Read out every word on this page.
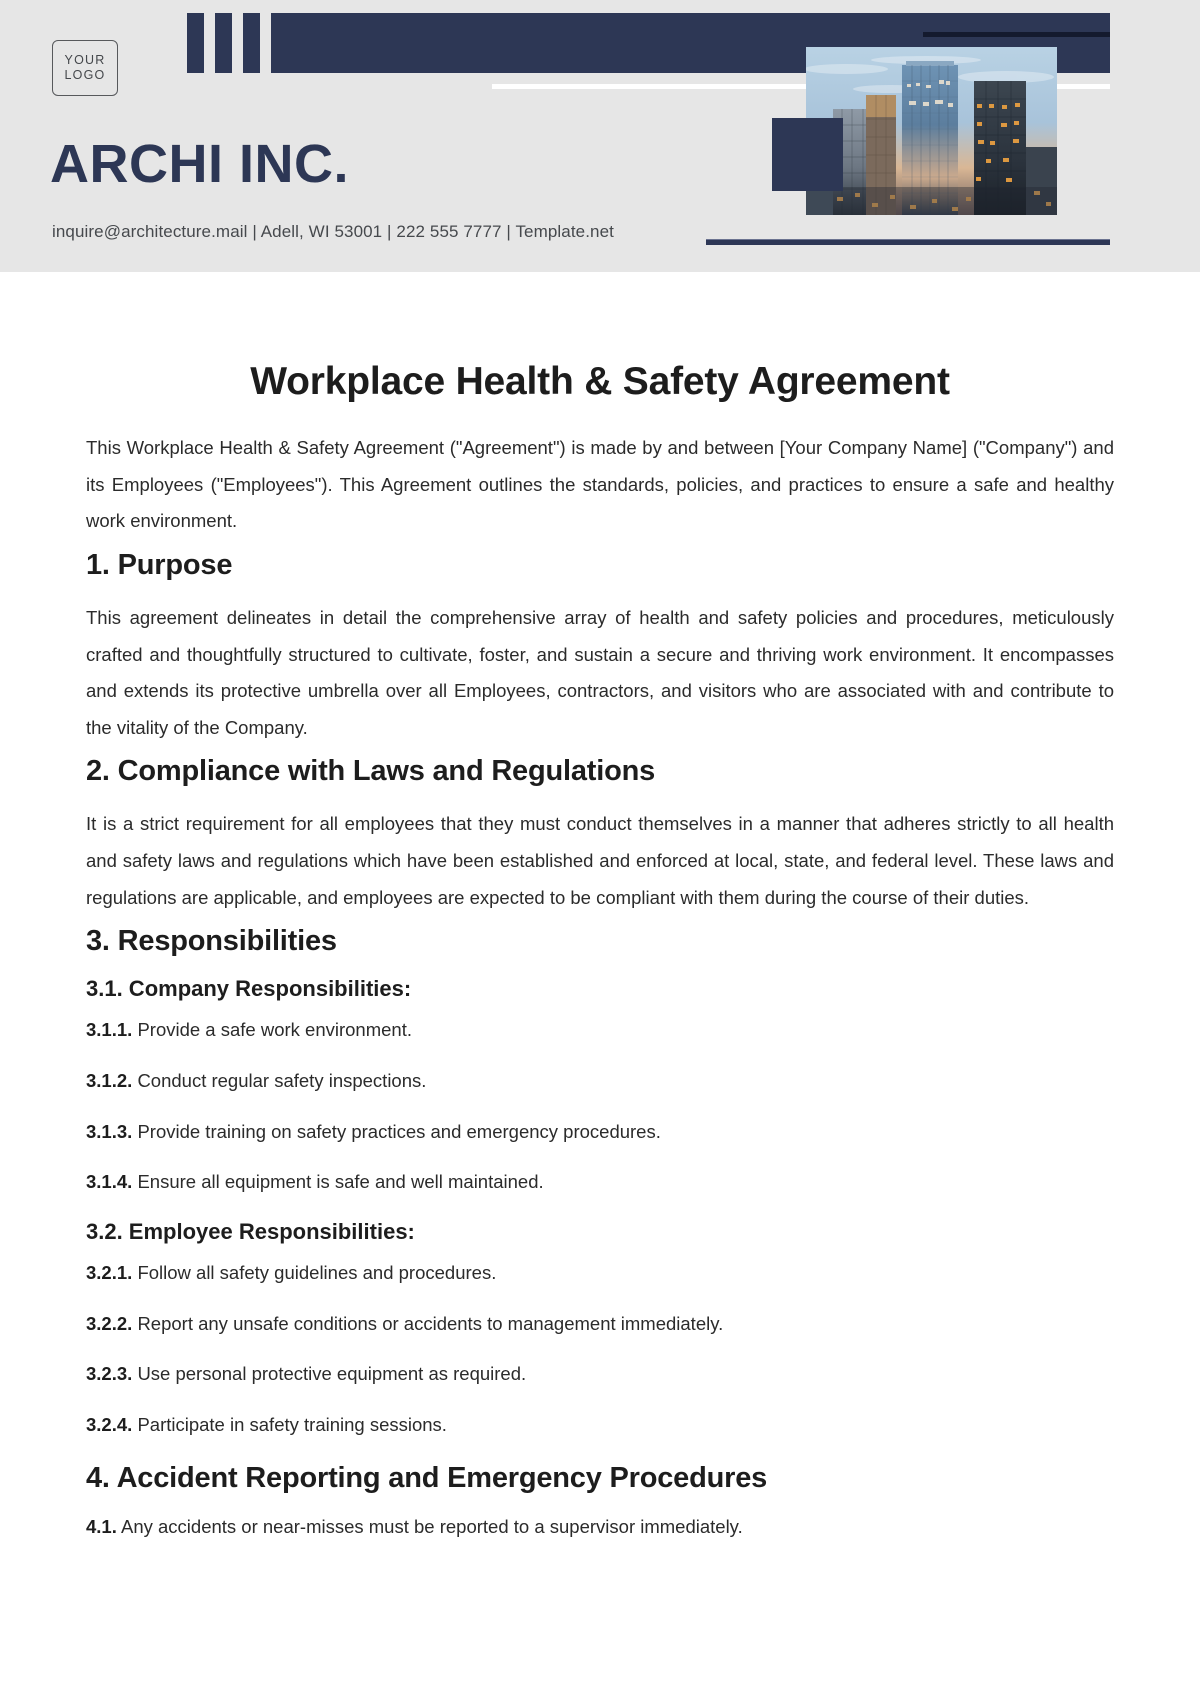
YOUR
LOGO
ARCHI INC.
inquire@architecture.mail | Adell, WI 53001 | 222 555 7777 | Template.net
Workplace Health & Safety Agreement

This Workplace Health & Safety Agreement ("Agreement") is made by and between [Your Company Name] ("Company") and its Employees ("Employees"). This Agreement outlines the standards, policies, and practices to ensure a safe and healthy work environment.

1. Purpose

This agreement delineates in detail the comprehensive array of health and safety policies and procedures, meticulously crafted and thoughtfully structured to cultivate, foster, and sustain a secure and thriving work environment. It encompasses and extends its protective umbrella over all Employees, contractors, and visitors who are associated with and contribute to the vitality of the Company.

2. Compliance with Laws and Regulations

It is a strict requirement for all employees that they must conduct themselves in a manner that adheres strictly to all health and safety laws and regulations which have been established and enforced at local, state, and federal level. These laws and regulations are applicable, and employees are expected to be compliant with them during the course of their duties.

3. Responsibilities
3.1. Company Responsibilities:

3.1.1. Provide a safe work environment.

3.1.2. Conduct regular safety inspections.

3.1.3. Provide training on safety practices and emergency procedures.

3.1.4. Ensure all equipment is safe and well maintained.

3.2. Employee Responsibilities:

3.2.1. Follow all safety guidelines and procedures.

3.2.2. Report any unsafe conditions or accidents to management immediately.

3.2.3. Use personal protective equipment as required.

3.2.4. Participate in safety training sessions.

4. Accident Reporting and Emergency Procedures

4.1. Any accidents or near-misses must be reported to a supervisor immediately.
